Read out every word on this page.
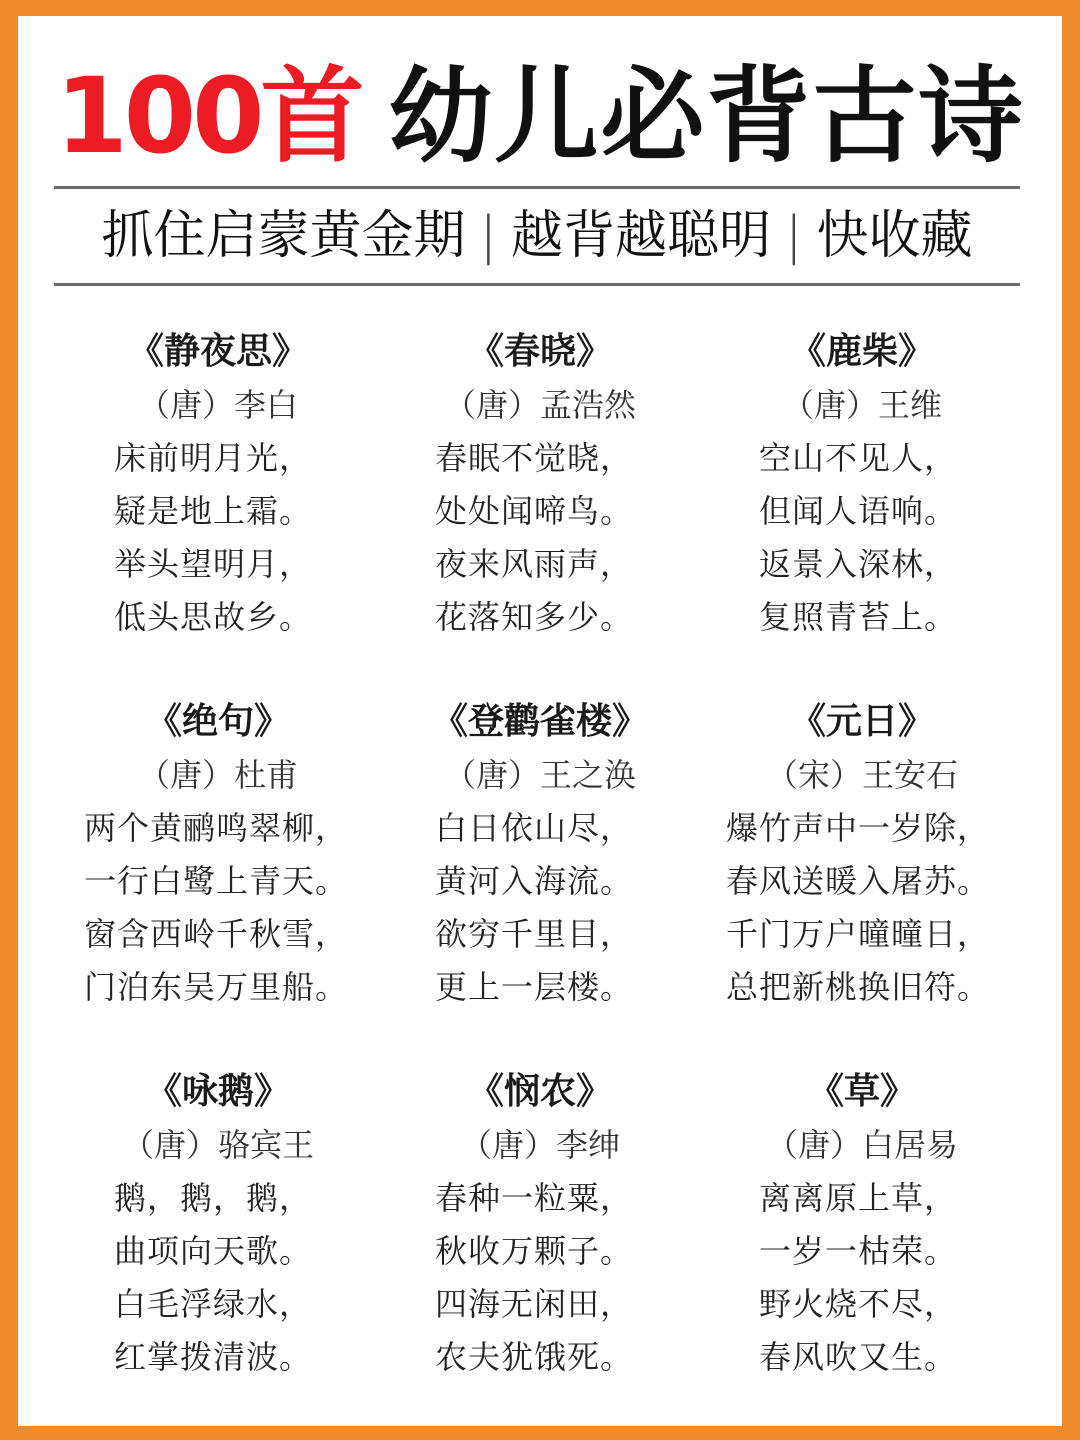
100首 幼儿必背古诗
抓住启蒙黄金期 | 越背越聪明 | 快收藏
《静夜思》
（唐）李白
床前明月光，
疑是地上霜。
举头望明月，
低头思故乡。
《春晓》
（唐）孟浩然
春眠不觉晓，
处处闻啼鸟。
夜来风雨声，
花落知多少。
《鹿柴》
（唐）王维
空山不见人，
但闻人语响。
返景入深林，
复照青苔上。
《绝句》
（唐）杜甫
两个黄鹂鸣翠柳，
一行白鹭上青天。
窗含西岭千秋雪，
门泊东吴万里船。
《登鹳雀楼》
（唐）王之涣
白日依山尽，
黄河入海流。
欲穷千里目，
更上一层楼。
《元日》
（宋）王安石
爆竹声中一岁除，
春风送暖入屠苏。
千门万户曈曈日，
总把新桃换旧符。
《咏鹅》
（唐）骆宾王
鹅，鹅，鹅，
曲项向天歌。
白毛浮绿水，
红掌拨清波。
《悯农》
（唐）李绅
春种一粒粟，
秋收万颗子。
四海无闲田，
农夫犹饿死。
《草》
（唐）白居易
离离原上草，
一岁一枯荣。
野火烧不尽，
春风吹又生。
